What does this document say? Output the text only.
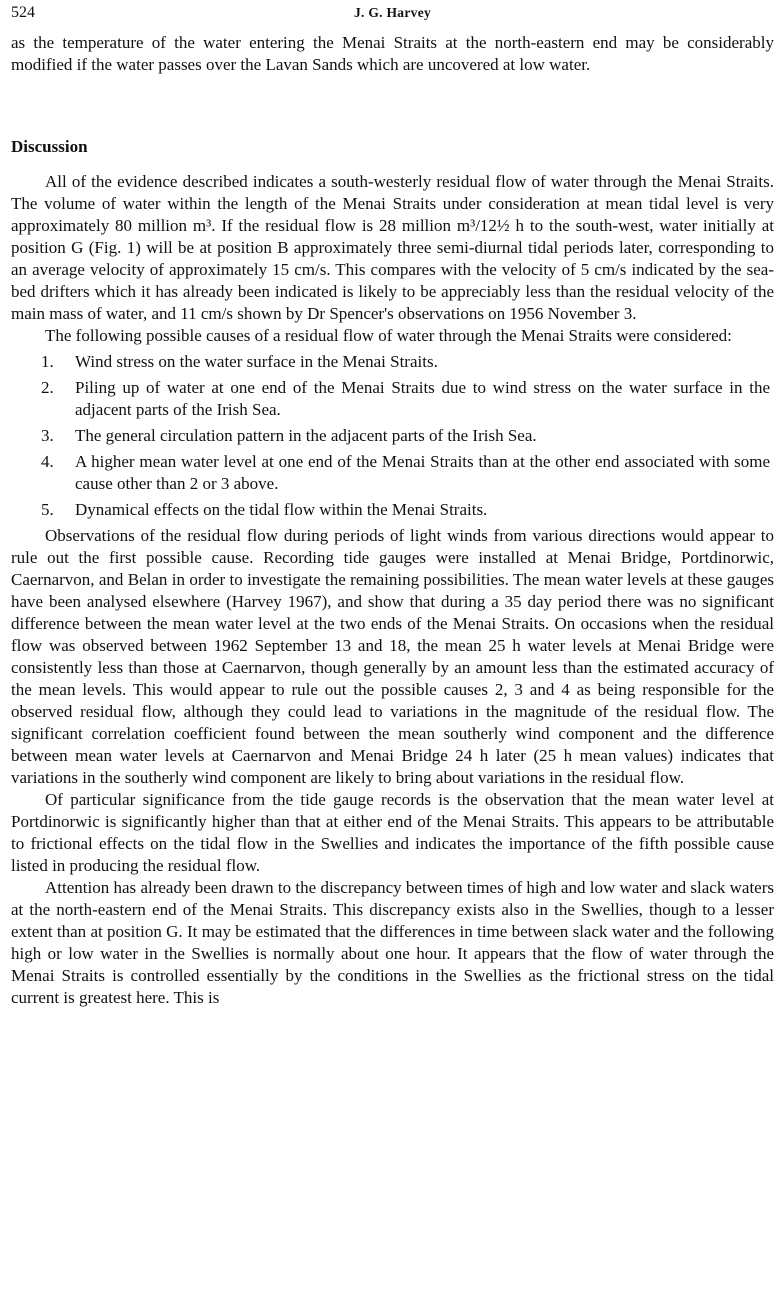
524	J. G. Harvey

as the temperature of the water entering the Menai Straits at the north-eastern end may be considerably modified if the water passes over the Lavan Sands which are uncovered at low water.

Discussion

All of the evidence described indicates a south-westerly residual flow of water through the Menai Straits. The volume of water within the length of the Menai Straits under consideration at mean tidal level is very approximately 80 million m³. If the residual flow is 28 million m³/12½ h to the south-west, water initially at position G (Fig. 1) will be at position B approximately three semi-diurnal tidal periods later, corresponding to an average velocity of approximately 15 cm/s. This compares with the velocity of 5 cm/s indicated by the sea-bed drifters which it has already been indicated is likely to be appreciably less than the residual velocity of the main mass of water, and 11 cm/s shown by Dr Spencer's observations on 1956 November 3.

The following possible causes of a residual flow of water through the Menai Straits were considered:

1. Wind stress on the water surface in the Menai Straits.
2. Piling up of water at one end of the Menai Straits due to wind stress on the water surface in the adjacent parts of the Irish Sea.
3. The general circulation pattern in the adjacent parts of the Irish Sea.
4. A higher mean water level at one end of the Menai Straits than at the other end associated with some cause other than 2 or 3 above.
5. Dynamical effects on the tidal flow within the Menai Straits.

Observations of the residual flow during periods of light winds from various directions would appear to rule out the first possible cause. Recording tide gauges were installed at Menai Bridge, Portdinorwic, Caernarvon, and Belan in order to investigate the remaining possibilities. The mean water levels at these gauges have been analysed elsewhere (Harvey 1967), and show that during a 35 day period there was no significant difference between the mean water level at the two ends of the Menai Straits. On occasions when the residual flow was observed between 1962 September 13 and 18, the mean 25 h water levels at Menai Bridge were consistently less than those at Caernarvon, though generally by an amount less than the estimated accuracy of the mean levels. This would appear to rule out the possible causes 2, 3 and 4 as being responsible for the observed residual flow, although they could lead to variations in the magnitude of the residual flow. The significant correlation coefficient found between the mean southerly wind component and the difference between mean water levels at Caernarvon and Menai Bridge 24 h later (25 h mean values) indicates that variations in the southerly wind component are likely to bring about variations in the residual flow.

Of particular significance from the tide gauge records is the observation that the mean water level at Portdinorwic is significantly higher than that at either end of the Menai Straits. This appears to be attributable to frictional effects on the tidal flow in the Swellies and indicates the importance of the fifth possible cause listed in producing the residual flow.

Attention has already been drawn to the discrepancy between times of high and low water and slack waters at the north-eastern end of the Menai Straits. This discrepancy exists also in the Swellies, though to a lesser extent than at position G. It may be estimated that the differences in time between slack water and the following high or low water in the Swellies is normally about one hour. It appears that the flow of water through the Menai Straits is controlled essentially by the conditions in the Swellies as the frictional stress on the tidal current is greatest here. This is
